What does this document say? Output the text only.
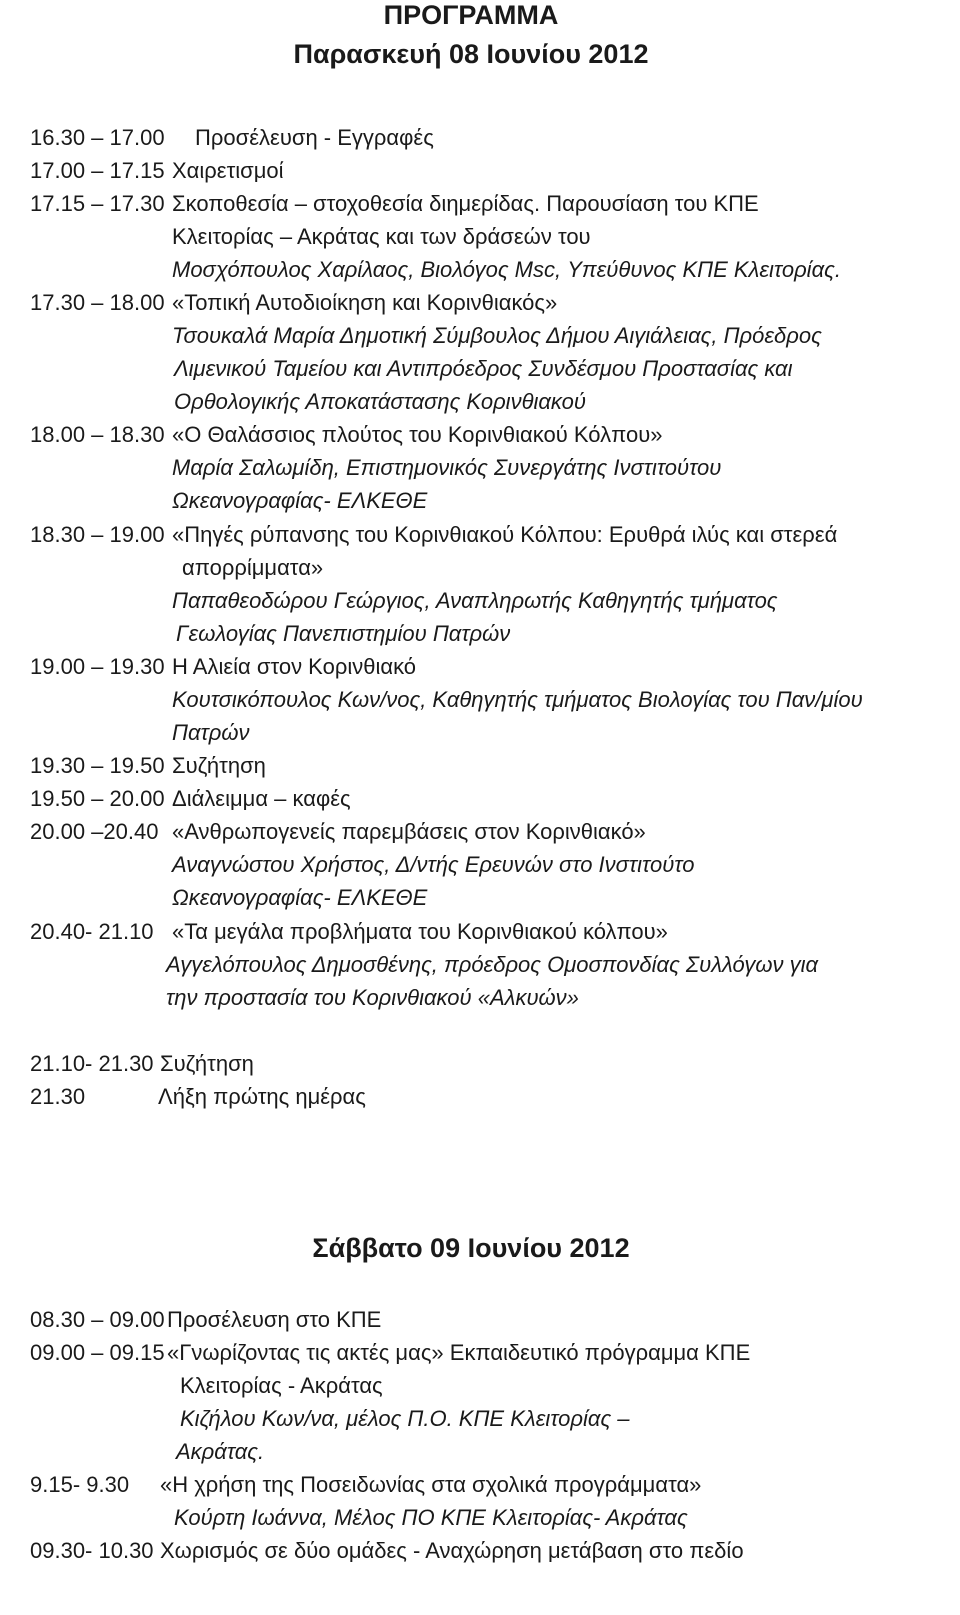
ΠΡΟΓΡΑΜΜΑ
Παρασκευή 08 Ιουνίου 2012
16.30 – 17.00 Προσέλευση - Εγγραφές
17.00 – 17.15 Χαιρετισμοί
17.15 – 17.30 Σκοποθεσία – στοχοθεσία διημερίδας. Παρουσίαση του ΚΠΕ
Κλειτορίας – Ακράτας και των δράσεών του
Μοσχόπουλος Χαρίλαος, Βιολόγος Msc, Υπεύθυνος ΚΠΕ Κλειτορίας.
17.30 – 18.00 «Τοπική Αυτοδιοίκηση και Κορινθιακός»
Τσουκαλά Μαρία Δημοτική Σύμβουλος Δήμου Αιγιάλειας, Πρόεδρος
Λιμενικού Ταμείου και Αντιπρόεδρος Συνδέσμου Προστασίας και
Ορθολογικής Αποκατάστασης Κορινθιακού
18.00 – 18.30 «Ο Θαλάσσιος πλούτος του Κορινθιακού Κόλπου»
Μαρία Σαλωμίδη, Επιστημονικός Συνεργάτης Ινστιτούτου
Ωκεανογραφίας- ΕΛΚΕΘΕ
18.30 – 19.00 «Πηγές ρύπανσης του Κορινθιακού Κόλπου: Ερυθρά ιλύς και στερεά
απορρίμματα»
Παπαθεοδώρου Γεώργιος, Αναπληρωτής Καθηγητής τμήματος
Γεωλογίας Πανεπιστημίου Πατρών
19.00 – 19.30 Η Αλιεία στον Κορινθιακό
Κουτσικόπουλος Κων/νος, Καθηγητής τμήματος Βιολογίας του Παν/μίου
Πατρών
19.30 – 19.50 Συζήτηση
19.50 – 20.00 Διάλειμμα – καφές
20.00 –20.40 «Ανθρωπογενείς παρεμβάσεις στον Κορινθιακό»
Αναγνώστου Χρήστος, Δ/ντής Ερευνών στο Ινστιτούτο
Ωκεανογραφίας- ΕΛΚΕΘΕ
20.40- 21.10 «Τα μεγάλα προβλήματα του Κορινθιακού κόλπου»
Αγγελόπουλος Δημοσθένης, πρόεδρος Ομοσπονδίας Συλλόγων για
την προστασία του Κορινθιακού «Αλκυών»
21.10- 21.30 Συζήτηση
21.30	Λήξη πρώτης ημέρας
Σάββατο 09 Ιουνίου 2012
08.30 – 09.00 Προσέλευση στο ΚΠΕ
09.00 – 09.15 «Γνωρίζοντας τις ακτές μας» Εκπαιδευτικό πρόγραμμα ΚΠΕ
Κλειτορίας - Ακράτας
Κιζήλου Κων/να, μέλος Π.Ο. ΚΠΕ Κλειτορίας –
Ακράτας.
9.15- 9.30 «Η χρήση της Ποσειδωνίας στα σχολικά προγράμματα»
Κούρτη Ιωάννα, Μέλος ΠΟ ΚΠΕ Κλειτορίας- Ακράτας
09.30- 10.30 Χωρισμός σε δύο ομάδες - Αναχώρηση μετάβαση στο πεδίο
